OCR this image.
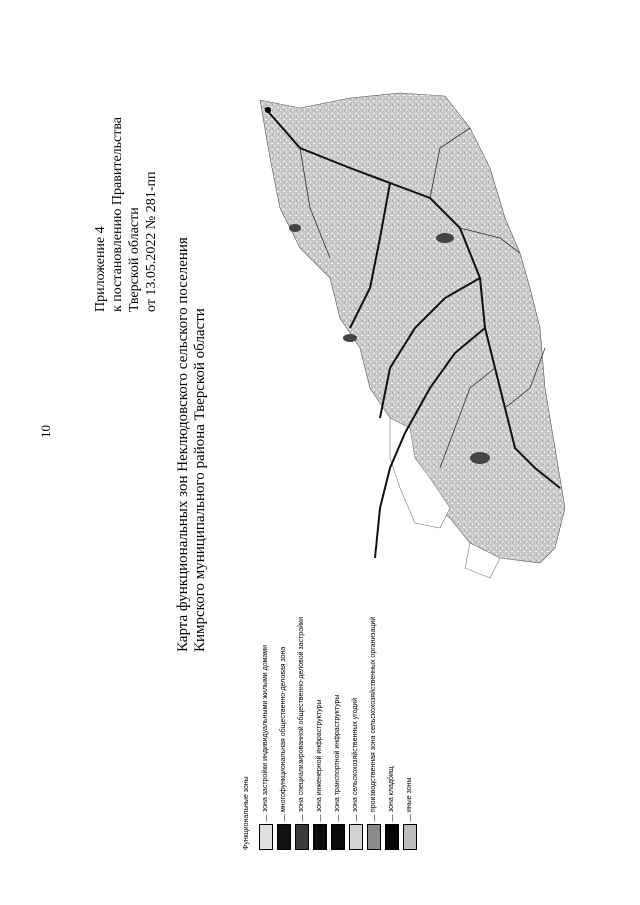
10
Приложение 4 к постановлению Правительства Тверской области от 13.05.2022 № 281-пп Карта функциональных зон Неклюдовского сельского поселения Кимрского муниципального района Тверской области
Функциональные зоны	—
зона застройки индивидуальными жилыми домами
—
многофункциональная общественно-деловая зона
—
зона специализированной общественно-деловой застройки
—
зона инженерной инфраструктуры
—
зона транспортной инфраструктуры
—
зона сельскохозяйственных угодий
—
производственная зона сельскохозяйственных организаций
—
зона кладбищ
—
иные зоны
